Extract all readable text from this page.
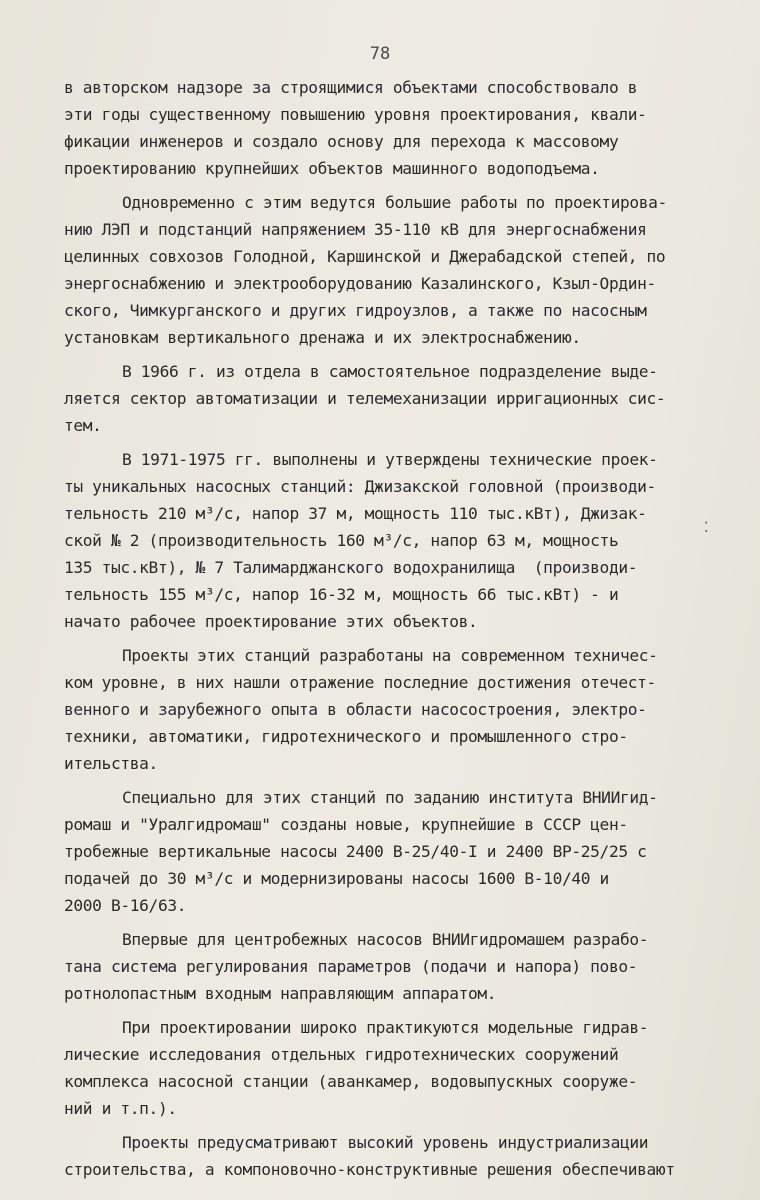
78
⁚
в авторском надзоре за строящимися объектами способствовало в
эти годы существенному повышению уровня проектирования, квали-
фикации инженеров и создало основу для перехода к массовому
проектированию крупнейших объектов машинного водоподъема.
Одновременно с этим ведутся большие работы по проектирова-
нию ЛЭП и подстанций напряжением 35-110 кВ для энергоснабжения
целинных совхозов Голодной, Каршинской и Джерабадской степей, по
энергоснабжению и электрооборудованию Казалинского, Кзыл-Ордин-
ского, Чимкурганского и других гидроузлов, а также по насосным
установкам вертикального дренажа и их электроснабжению.
В 1966 г. из отдела в самостоятельное подразделение выде-
ляется сектор автоматизации и телемеханизации ирригационных сис-
тем.
В 1971-1975 гг. выполнены и утверждены технические проек-
ты уникальных насосных станций: Джизакской головной (производи-
тельность 210 м³/с, напор 37 м, мощность 110 тыс.кВт), Джизак-
ской № 2 (производительность 160 м³/с, напор 63 м, мощность
135 тыс.кВт), № 7 Талимарджанского водохранилища  (производи-
тельность 155 м³/с, напор 16-32 м, мощность 66 тыс.кВт) - и
начато рабочее проектирование этих объектов.
Проекты этих станций разработаны на современном техничес-
ком уровне, в них нашли отражение последние достижения отечест-
венного и зарубежного опыта в области насосостроения, электро-
техники, автоматики, гидротехнического и промышленного стро-
ительства.
Специально для этих станций по заданию института ВНИИгид-
ромаш и "Уралгидромаш" созданы новые, крупнейшие в СССР цен-
тробежные вертикальные насосы 2400 В-25/40-I и 2400 ВР-25/25 с
подачей до 30 м³/с и модернизированы насосы 1600 В-10/40 и
2000 В-16/63.
Впервые для центробежных насосов ВНИИгидромашем разрабо-
тана система регулирования параметров (подачи и напора) пово-
ротнолопастным входным направляющим аппаратом.
При проектировании широко практикуются модельные гидрав-
лические исследования отдельных гидротехнических сооружений
комплекса насосной станции (аванкамер, водовыпускных сооруже-
ний и т.п.).
Проекты предусматривают высокий уровень индустриализации
строительства, а компоновочно-конструктивные решения обеспечивают
